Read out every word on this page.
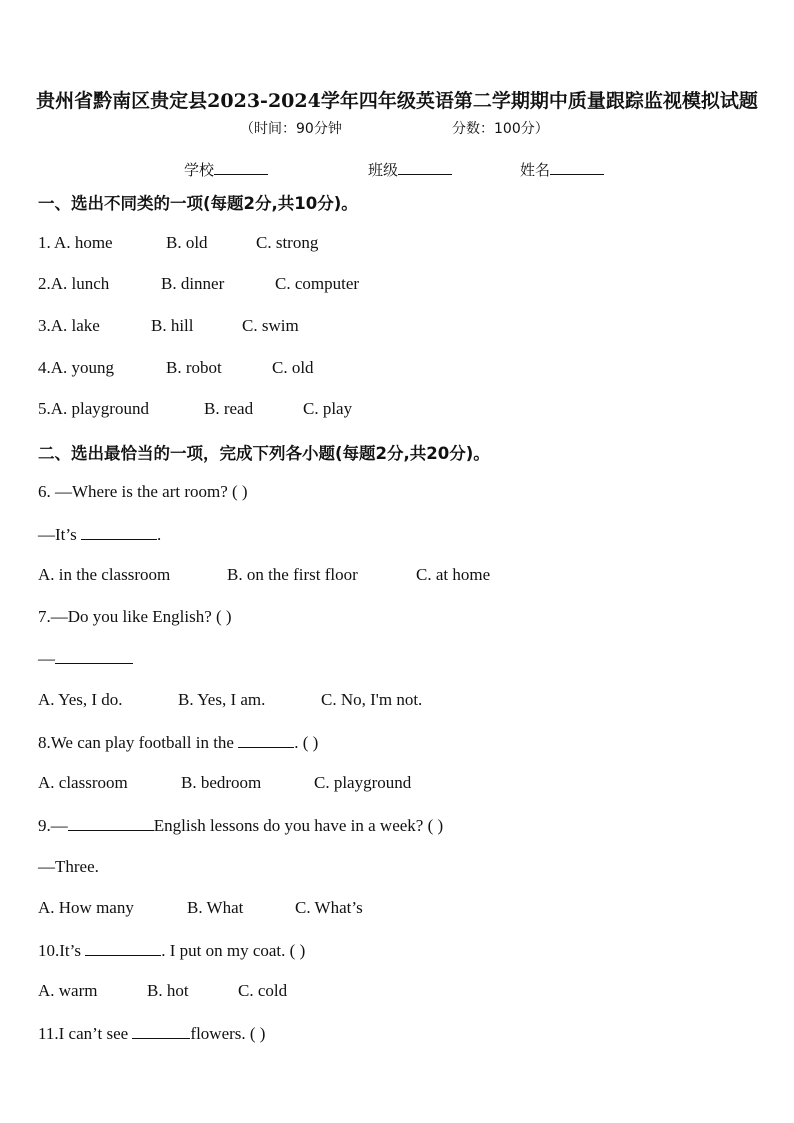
贵州省黔南区贵定县2023-2024学年四年级英语第二学期期中质量跟踪监视模拟试题
（时间：90分钟	分数：100分）
学校	班级	姓名
一、选出不同类的一项(每题2分,共10分)。
1. A. home	B. old	C. strong
2.A. lunch	B. dinner	C. computer
3.A. lake	B. hill	C. swim
4.A. young	B. robot	C. old
5.A. playground	B. read	C. play
二、选出最恰当的一项，完成下列各小题(每题2分,共20分)。
6. —Where is the art room? ( )
—It’s	.
A. in the classroom	B. on the first floor	C. at home
7.—Do you like English? ( )
—
A. Yes, I do.	B. Yes, I am.	C. No, I'm not.
8.We can play football in the	. ( )
A. classroom	B. bedroom	C. playground
9.—	English lessons do you have in a week? ( )
—Three.
A. How many	B. What	C. What’s
10.It’s	. I put on my coat. ( )
A. warm	B. hot	C. cold
11.I can’t see	flowers. ( )
